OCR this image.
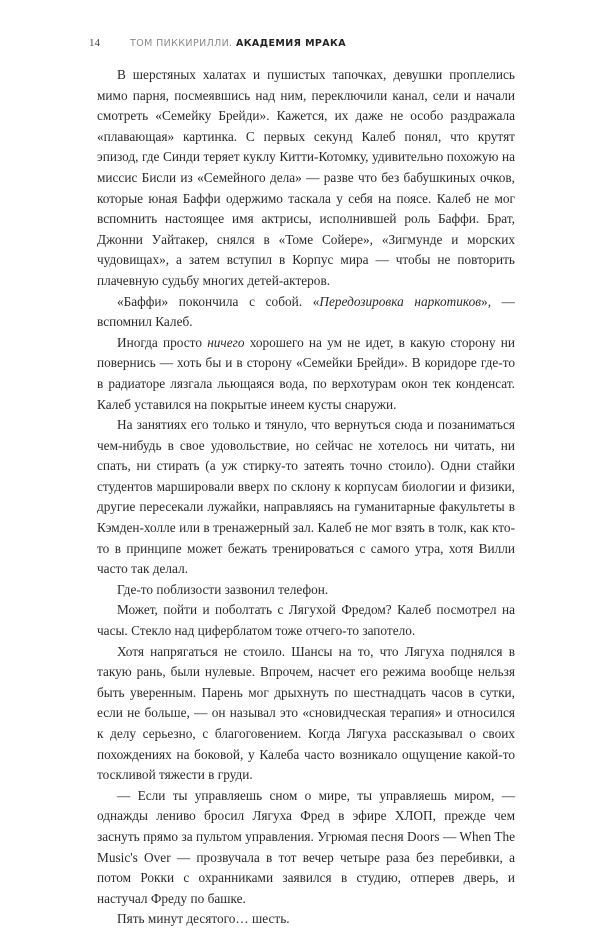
14	ТОМ ПИККИРИЛЛИ. АКАДЕМИЯ МРАКА

В шерстяных халатах и пушистых тапочках, девушки проплелись мимо парня, посмеявшись над ним, переключили канал, сели и начали смотреть «Семейку Брейди». Кажется, их даже не особо раздражала «плавающая» картинка. С первых секунд Калеб понял, что крутят эпизод, где Синди теряет куклу Китти-Котомку, удивительно похожую на миссис Бисли из «Семейного дела» — разве что без бабушкиных очков, которые юная Баффи одержимо таскала у себя на поясе. Калеб не мог вспомнить настоящее имя актрисы, исполнившей роль Баффи. Брат, Джонни Уайтакер, снялся в «Томе Сойере», «Зигмунде и морских чудовищах», а затем вступил в Корпус мира — чтобы не повторить плачевную судьбу многих детей-актеров.

«Баффи» покончила с собой. «Передозировка наркотиков», — вспомнил Калеб.

Иногда просто ничего хорошего на ум не идет, в какую сторону ни повернись — хоть бы и в сторону «Семейки Брейди». В коридоре где-то в радиаторе лязгала льющаяся вода, по верхотурам окон тек конденсат. Калеб уставился на покрытые инеем кусты снаружи.

На занятиях его только и тянуло, что вернуться сюда и позаниматься чем-нибудь в свое удовольствие, но сейчас не хотелось ни читать, ни спать, ни стирать (а уж стирку-то затеять точно стоило). Одни стайки студентов маршировали вверх по склону к корпусам биологии и физики, другие пересекали лужайки, направляясь на гуманитарные факультеты в Кэмден-холле или в тренажерный зал. Калеб не мог взять в толк, как кто-то в принципе может бежать тренироваться с самого утра, хотя Вилли часто так делал.

Где-то поблизости зазвонил телефон.

Может, пойти и поболтать с Лягухой Фредом? Калеб посмотрел на часы. Стекло над циферблатом тоже отчего-то запотело.

Хотя напрягаться не стоило. Шансы на то, что Лягуха поднялся в такую рань, были нулевые. Впрочем, насчет его режима вообще нельзя быть уверенным. Парень мог дрыхнуть по шестнадцать часов в сутки, если не больше, — он называл это «сновидческая терапия» и относился к делу серьезно, с благоговением. Когда Лягуха рассказывал о своих похождениях на боковой, у Калеба часто возникало ощущение какой-то тоскливой тяжести в груди.

— Если ты управляешь сном о мире, ты управляешь миром, — однажды лениво бросил Лягуха Фред в эфире ХЛОП, прежде чем заснуть прямо за пультом управления. Угрюмая песня Doors — When The Music's Over — прозвучала в тот вечер четыре раза без перебивки, а потом Рокки с охранниками заявился в студию, отперев дверь, и настучал Фреду по башке.

Пять минут десятого… шесть.
